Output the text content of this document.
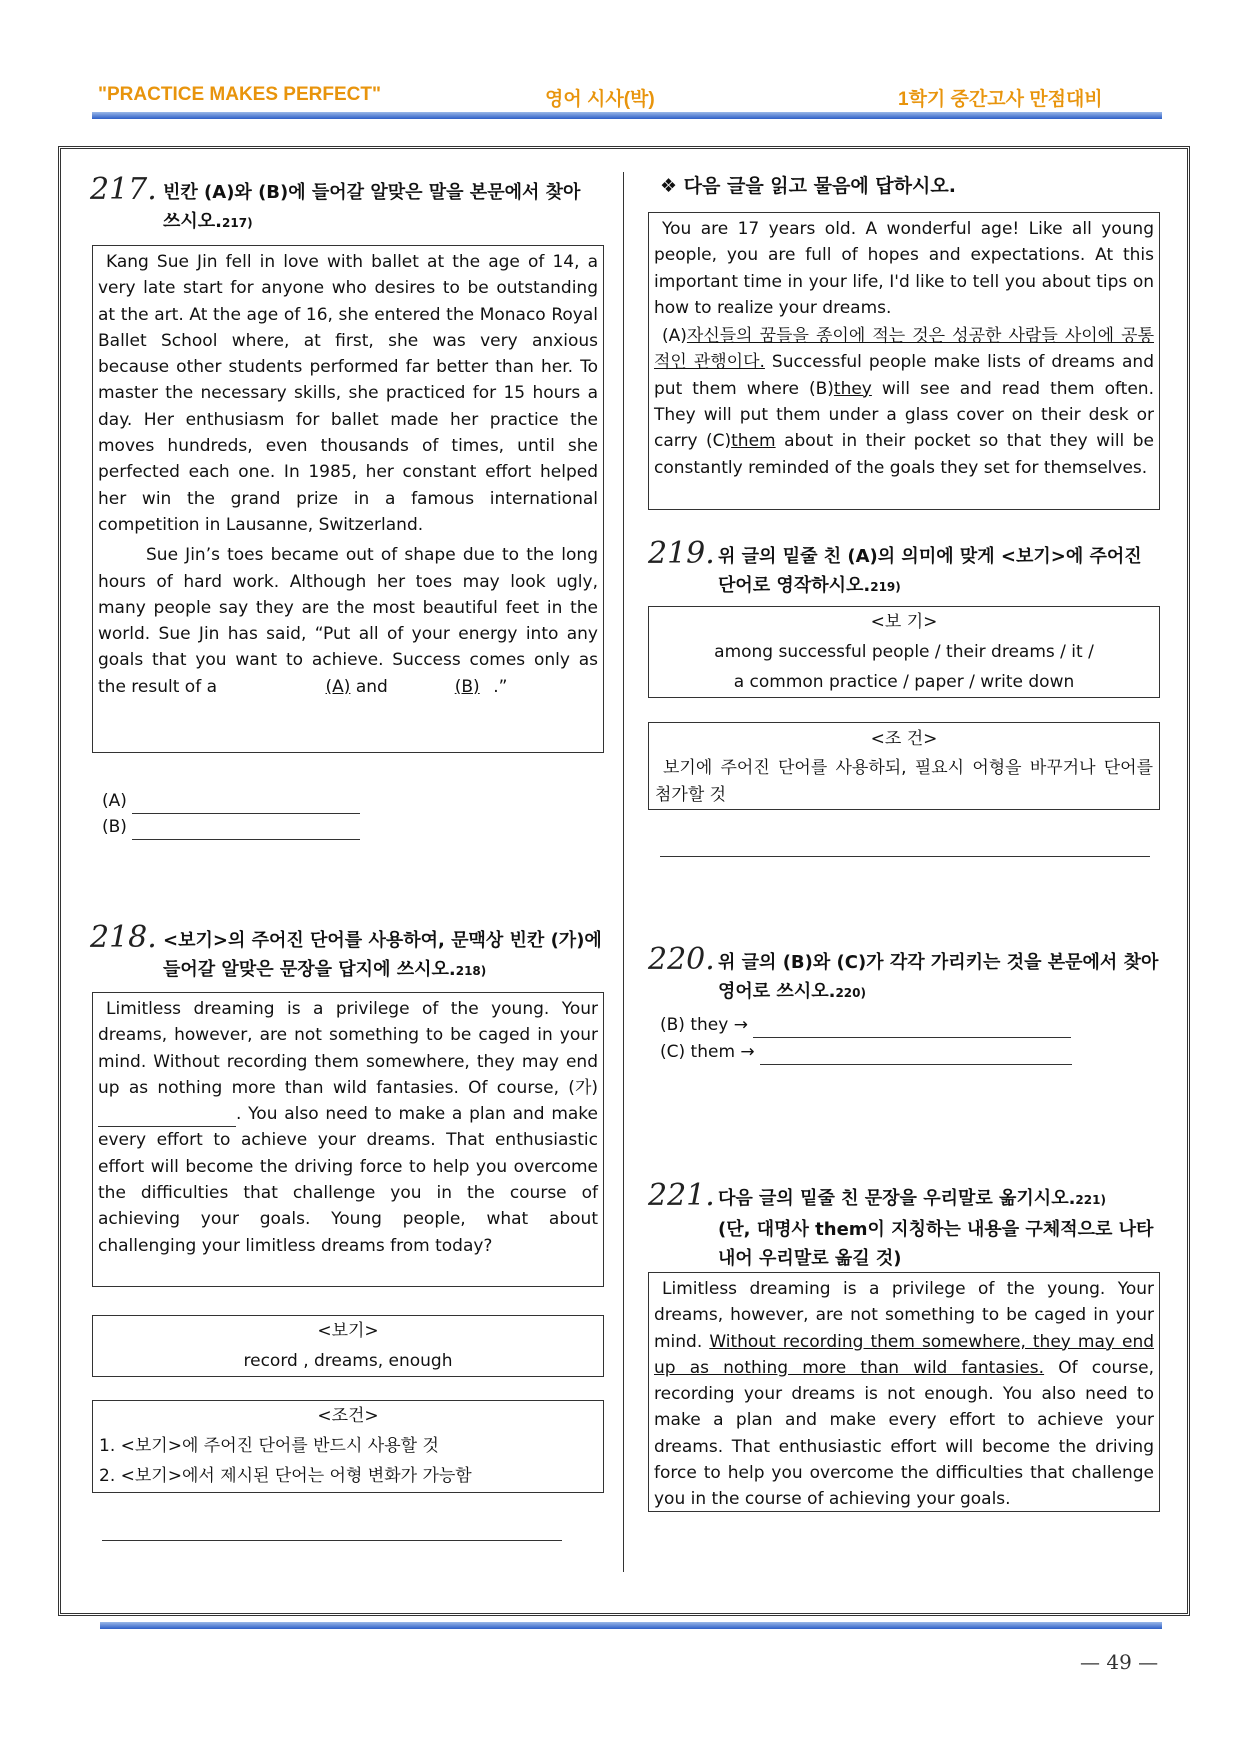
"PRACTICE MAKES PERFECT"	영어 시사(박)	1학기 중간고사 만점대비
217. 빈칸 (A)와 (B)에 들어갈 알맞은 말을 본문에서 찾아 쓰시오.217)

Kang Sue Jin fell in love with ballet at the age of 14, a very late start for anyone who desires to be outstanding at the art. At the age of 16, she entered the Monaco Royal Ballet School where, at first, she was very anxious because other students performed far better than her. To master the necessary skills, she practiced for 15 hours a day. Her enthusiasm for ballet made her practice the moves hundreds, even thousands of times, until she perfected each one. In 1985, her constant effort helped her win the grand prize in a famous international competition in Lausanne, Switzerland.

Sue Jin’s toes became out of shape due to the long hours of hard work. Although her toes may look ugly, many people say they are the most beautiful feet in the world. Sue Jin has said, “Put all of your energy into any goals that you want to achieve. Success comes only as the result of a	(A) and	(B) .”

(A)
(B)
218. <보기>의 주어진 단어를 사용하여, 문맥상 빈칸 (가)에 들어갈 알맞은 문장을 답지에 쓰시오.218)

Limitless dreaming is a privilege of the young. Your dreams, however, are not something to be caged in your mind. Without recording them somewhere, they may end up as nothing more than wild fantasies. Of course, (가) . You also need to make a plan and make every effort to achieve your dreams. That enthusiastic effort will become the driving force to help you overcome the difficulties that challenge you in the course of achieving your goals. Young people, what about challenging your limitless dreams from today?

<보기>
record , dreams, enough
<조건>
1. <보기>에 주어진 단어를 반드시 사용할 것
2. <보기>에서 제시된 단어는 어형 변화가 가능함
❖ 다음 글을 읽고 물음에 답하시오.

You are 17 years old. A wonderful age! Like all young people, you are full of hopes and expectations. At this important time in your life, I'd like to tell you about tips on how to realize your dreams.

(A)자신들의 꿈들을 종이에 적는 것은 성공한 사람들 사이에 공통적인 관행이다. Successful people make lists of dreams and put them where (B)they will see and read them often. They will put them under a glass cover on their desk or carry (C)them about in their pocket so that they will be constantly reminded of the goals they set for themselves.

219. 위 글의 밑줄 친 (A)의 의미에 맞게 <보기>에 주어진 단어로 영작하시오.219)
<보 기>
among successful people / their dreams / it /
a common practice / paper / write down
<조 건>
보기에 주어진 단어를 사용하되, 필요시 어형을 바꾸거나 단어를 첨가할 것
220. 위 글의 (B)와 (C)가 각각 가리키는 것을 본문에서 찾아 영어로 쓰시오.220)
(B) they →
(C) them →
221. 다음 글의 밑줄 친 문장을 우리말로 옮기시오.221)
(단, 대명사 them이 지칭하는 내용을 구체적으로 나타내어 우리말로 옮길 것)

Limitless dreaming is a privilege of the young. Your dreams, however, are not something to be caged in your mind. Without recording them somewhere, they may end up as nothing more than wild fantasies. Of course, recording your dreams is not enough. You also need to make a plan and make every effort to achieve your dreams. That enthusiastic effort will become the driving force to help you overcome the difficulties that challenge you in the course of achieving your goals.

— 49 —
